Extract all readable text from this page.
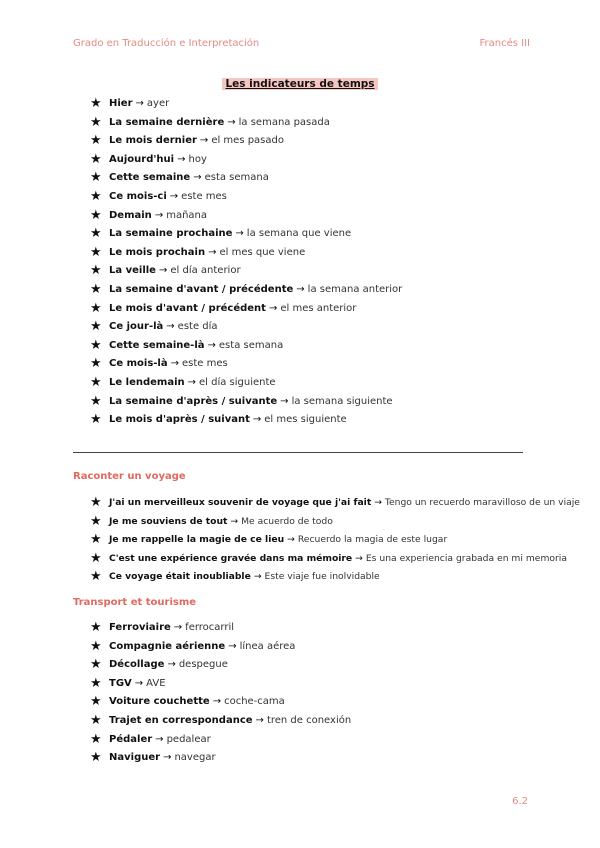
Grado en Traducción e Interpretación	Francés III
Les indicateurs de temps
★ Hier → ayer
★ La semaine dernière → la semana pasada
★ Le mois dernier → el mes pasado
★ Aujourd'hui → hoy
★ Cette semaine → esta semana
★ Ce mois-ci → este mes
★ Demain → mañana
★ La semaine prochaine → la semana que viene
★ Le mois prochain → el mes que viene
★ La veille → el día anterior
★ La semaine d'avant / précédente → la semana anterior
★ Le mois d'avant / précédent → el mes anterior
★ Ce jour-là → este día
★ Cette semaine-là → esta semana
★ Ce mois-là → este mes
★ Le lendemain → el día siguiente
★ La semaine d'après / suivante → la semana siguiente
★ Le mois d'après / suivant → el mes siguiente
Raconter un voyage
★ J'ai un merveilleux souvenir de voyage que j'ai fait → Tengo un recuerdo maravilloso de un viaje
★ Je me souviens de tout → Me acuerdo de todo
★ Je me rappelle la magie de ce lieu → Recuerdo la magia de este lugar
★ C'est une expérience gravée dans ma mémoire → Es una experiencia grabada en mi memoria
★ Ce voyage était inoubliable → Este viaje fue inolvidable
Transport et tourisme
★ Ferroviaire → ferrocarril
★ Compagnie aérienne → línea aérea
★ Décollage → despegue
★ TGV → AVE
★ Voiture couchette → coche-cama
★ Trajet en correspondance → tren de conexión
★ Pédaler → pedalear
★ Naviguer → navegar
6.2
